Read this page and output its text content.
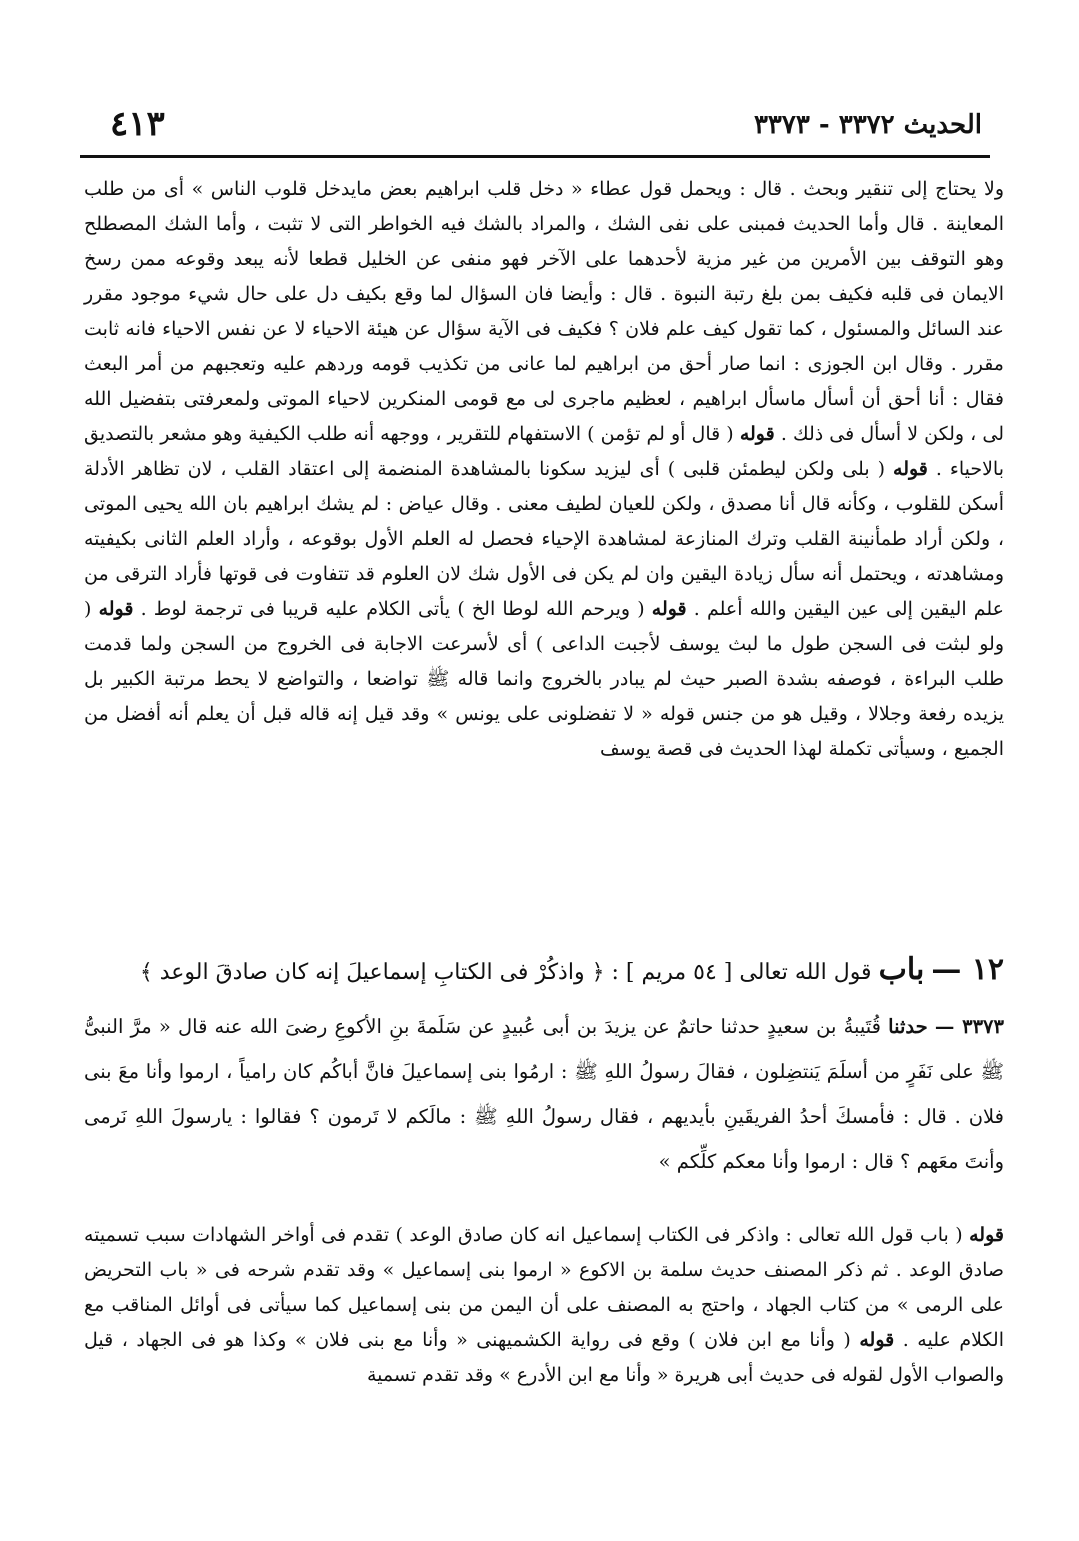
الحديث ٣٣٧٢ - ٣٣٧٣
٤١٣

ولا يحتاج إلى تنقير وبحث . قال : ويحمل قول عطاء « دخل قلب ابراهيم بعض مايدخل قلوب الناس » أى من طلب المعاينة . قال وأما الحديث فمبنى على نفى الشك ، والمراد بالشك فيه الخواطر التى لا تثبت ، وأما الشك المصطلح وهو التوقف بين الأمرين من غير مزية لأحدهما على الآخر فهو منفى عن الخليل قطعا لأنه يبعد وقوعه ممن رسخ الايمان فى قلبه فكيف بمن بلغ رتبة النبوة . قال : وأيضا فان السؤال لما وقع بكيف دل على حال شيء موجود مقرر عند السائل والمسئول ، كما تقول كيف علم فلان ؟ فكيف فى الآية سؤال عن هيئة الاحياء لا عن نفس الاحياء فانه ثابت مقرر . وقال ابن الجوزى : انما صار أحق من ابراهيم لما عانى من تكذيب قومه وردهم عليه وتعجبهم من أمر البعث فقال : أنا أحق أن أسأل ماسأل ابراهيم ، لعظيم ماجرى لى مع قومى المنكرين لاحياء الموتى ولمعرفتى بتفضيل الله لى ، ولكن لا أسأل فى ذلك . قوله ( قال أو لم تؤمن ) الاستفهام للتقرير ، ووجهه أنه طلب الكيفية وهو مشعر بالتصديق بالاحياء . قوله ( بلى ولكن ليطمئن قلبى ) أى ليزيد سكونا بالمشاهدة المنضمة إلى اعتقاد القلب ، لان تظاهر الأدلة أسكن للقلوب ، وكأنه قال أنا مصدق ، ولكن للعيان لطيف معنى . وقال عياض : لم يشك ابراهيم بان الله يحيى الموتى ، ولكن أراد طمأنينة القلب وترك المنازعة لمشاهدة الإحياء فحصل له العلم الأول بوقوعه ، وأراد العلم الثانى بكيفيته ومشاهدته ، ويحتمل أنه سأل زيادة اليقين وان لم يكن فى الأول شك لان العلوم قد تتفاوت فى قوتها فأراد الترقى من علم اليقين إلى عين اليقين والله أعلم . قوله ( ويرحم الله لوطا الخ ) يأتى الكلام عليه قريبا فى ترجمة لوط . قوله ( ولو لبثت فى السجن طول ما لبث يوسف لأجبت الداعى ) أى لأسرعت الاجابة فى الخروج من السجن ولما قدمت طلب البراءة ، فوصفه بشدة الصبر حيث لم يبادر بالخروج وانما قاله ﷺ تواضعا ، والتواضع لا يحط مرتبة الكبير بل يزيده رفعة وجلالا ، وقيل هو من جنس قوله « لا تفضلونى على يونس » وقد قيل إنه قاله قبل أن يعلم أنه أفضل من الجميع ، وسيأتى تكملة لهذا الحديث فى قصة يوسف

١٢ — باب قول الله تعالى [ ٥٤ مريم ] : ﴿ واذكُرْ فى الكتابِ إسماعيلَ إنه كان صادقَ الوعد ﴾
٣٣٧٣ — حدثنا قُتَيبةُ بن سعيدٍ حدثنا حاتمٌ عن يزيدَ بن أبى عُبيدٍ عن سَلَمةَ بنِ الأكوعِ رضىَ الله عنه قال « مرَّ النبىُّ ﷺ على نَفَرٍ من أسلَمَ يَنتضِلون ، فقالَ رسولُ اللهِ ﷺ : ارمُوا بنى إسماعيلَ فانَّ أباكُم كان رامياً ، ارموا وأنا معَ بنى فلان . قال : فأمسكَ أحدُ الفريقَينِ بأيديهم ، فقال رسولُ اللهِ ﷺ : مالَكم لا تَرمون ؟ فقالوا : يارسولَ اللهِ نَرمى وأنتَ معَهم ؟ قال : ارموا وأنا معكم كلِّكم »

قوله ( باب قول الله تعالى : واذكر فى الكتاب إسماعيل انه كان صادق الوعد ) تقدم فى أواخر الشهادات سبب تسميته صادق الوعد . ثم ذكر المصنف حديث سلمة بن الاكوع « ارموا بنى إسماعيل » وقد تقدم شرحه فى « باب التحريض على الرمى » من كتاب الجهاد ، واحتج به المصنف على أن اليمن من بنى إسماعيل كما سيأتى فى أوائل المناقب مع الكلام عليه . قوله ( وأنا مع ابن فلان ) وقع فى رواية الكشميهنى « وأنا مع بنى فلان » وكذا هو فى الجهاد ، قيل والصواب الأول لقوله فى حديث أبى هريرة « وأنا مع ابن الأدرع » وقد تقدم تسمية
